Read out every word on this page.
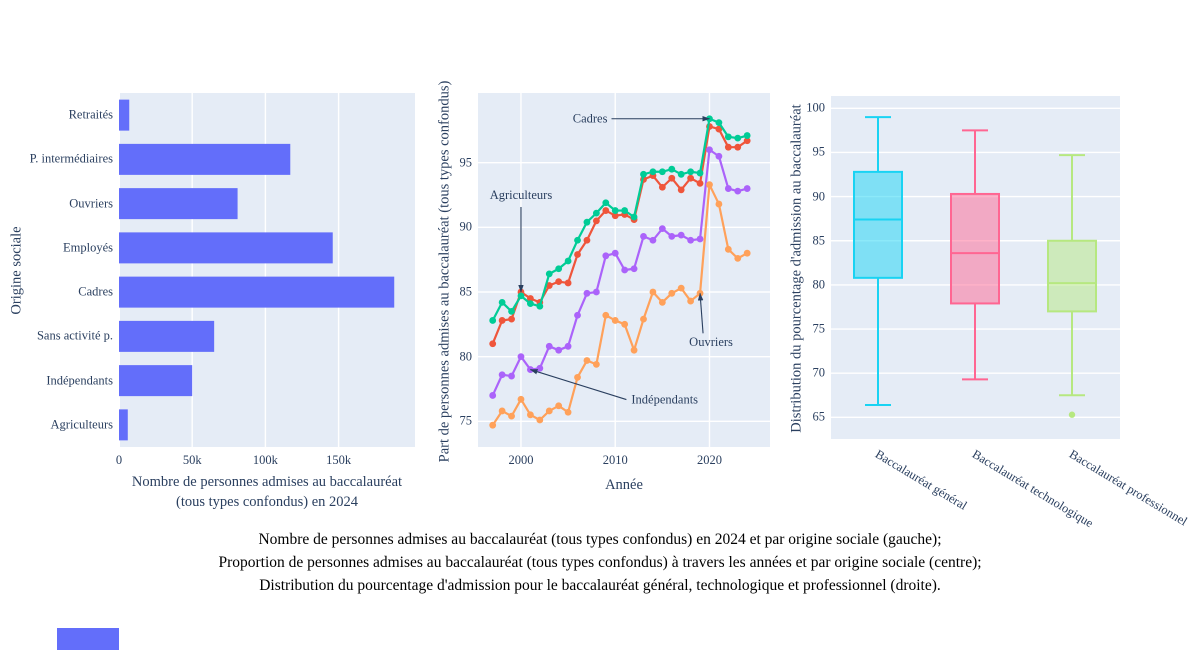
Origine sociale
Nombre de personnes admises au baccalauréat
(tous types confondus) en 2024
Part de personnes admises au baccalauréat (tous types confondus)
Année
Distribution du pourcentage d'admission au baccalauréat
Nombre de personnes admises au baccalauréat (tous types confondus) en 2024 et par origine sociale (gauche);
Proportion de personnes admises au baccalauréat (tous types confondus) à travers les années et par origine sociale (centre);
Distribution du pourcentage d'admission pour le baccalauréat général, technologique et professionnel (droite).
0	50k	100k	150k
Retraités
P. intermédiaires
Ouvriers
Employés
Cadres
Sans activité p.
Indépendants
Agriculteurs	75
80
85
90
95
2000	2010	2020
Cadres
Agriculteurs
Ouvriers
Indépendants
100
95
90
85
80
75
70
65
Baccalauréat général Baccalauréat technologique
Baccalauréat professionnel
